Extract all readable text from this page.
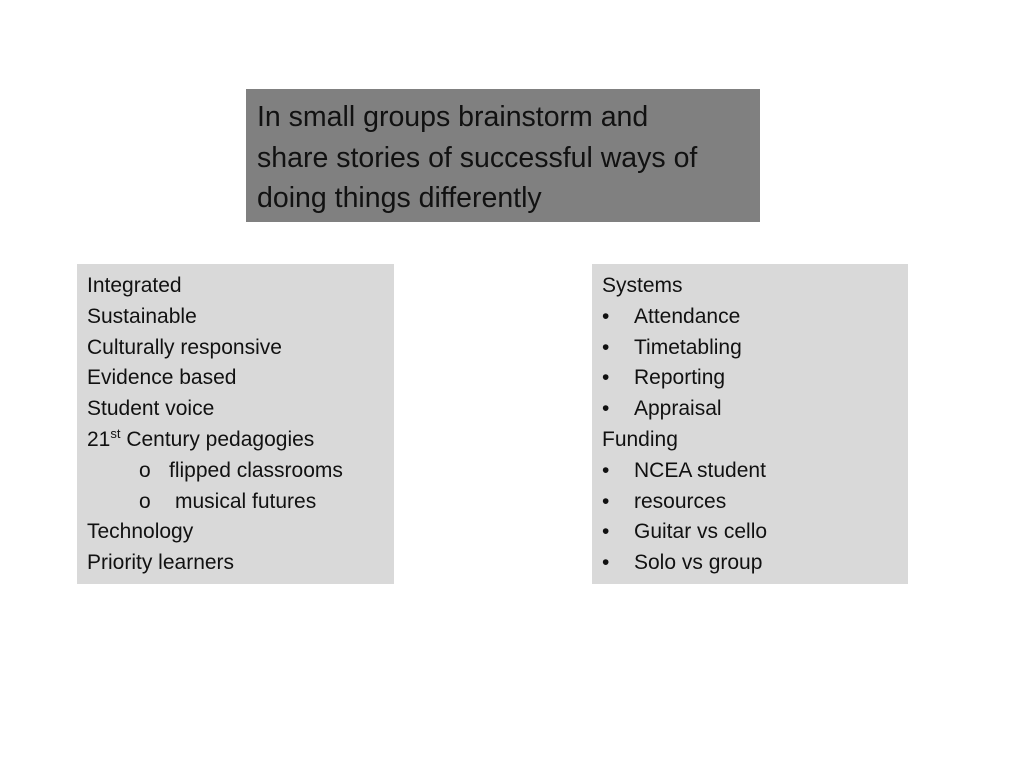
In small groups brainstorm and
share stories of successful ways of
doing things differently

Integrated
Sustainable
Culturally responsive
Evidence based
Student voice
21st Century pedagogies
o flipped classrooms
o musical futures
Technology
Priority learners
Systems
• Attendance
• Timetabling
• Reporting
• Appraisal
Funding
• NCEA student
• resources
• Guitar vs cello
• Solo vs group
